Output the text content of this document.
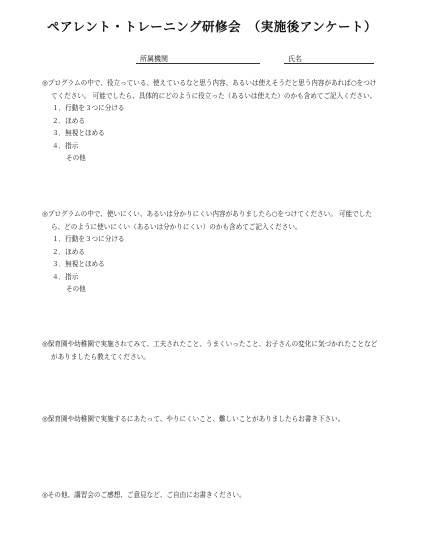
ペアレント・トレーニング研修会　（実施後アンケート）
所属機関	氏名

◎プログラムの中で、役立っている、使えているなと思う内容、あるいは使えそうだと思う内容があれば○をつけてください。 可能でしたら、具体的にどのように役立った（あるいは使えた）のかも含めてご記入ください。

１．行動を３つに分ける
２．ほめる
３．無視とほめる
４．指示
その他

◎プログラムの中で、使いにくい、あるいは分かりにくい内容がありましたら○をつけてください。 可能でしたら、どのように使いにくい（あるいは分かりにくい）のかも含めてご記入ください。

１．行動を３つに分ける
２．ほめる
３．無視とほめる
４．指示
その他

◎保育園や幼稚園で実施されてみて、工夫されたこと、うまくいったこと、お子さんの変化に気づかれたことなどがありましたら教えてください。

◎保育園や幼稚園で実施するにあたって、やりにくいこと、難しいことがありましたらお書き下さい。

◎その他、講習会のご感想、ご意見など、ご自由にお書きください。
